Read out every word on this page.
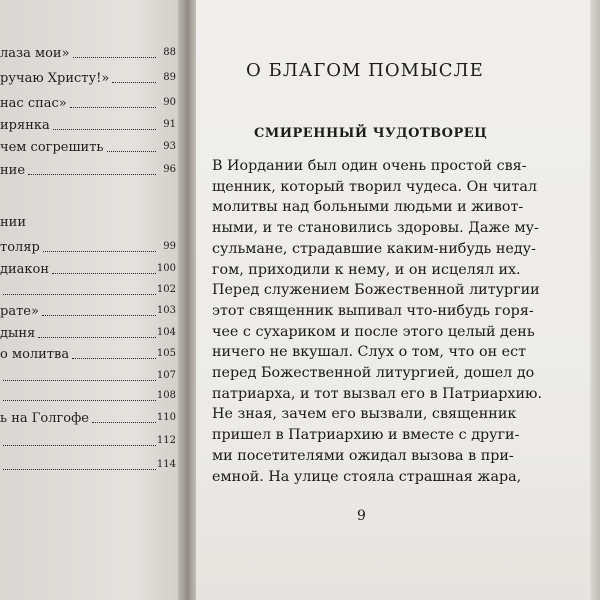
лаза мои»	88
ручаю Христу!»	89
нас спас»	90
ирянка	91
чем согрешить	93
ние	96
нии
толяр	99
диакон	100
102
рате»	103
дыня	104
о молитва	105
107
108
ь на Голгофе	110
112
114
О БЛАГОМ ПОМЫСЛЕ
СМИРЕННЫЙ ЧУДОТВОРЕЦ
В Иордании был один очень простой свя-
щенник, который творил чудеса. Он читал
молитвы над больными людьми и живот-
ными, и те становились здоровы. Даже му-
сульмане, страдавшие каким-нибудь неду-
гом, приходили к нему, и он исцелял их.
Перед служением Божественной литургии
этот священник выпивал что-нибудь горя-
чее с сухариком и после этого целый день
ничего не вкушал. Слух о том, что он ест
перед Божественной литургией, дошел до
патриарха, и тот вызвал его в Патриархию.
Не зная, зачем его вызвали, священник
пришел в Патриархию и вместе с други-
ми посетителями ожидал вызова в при-
емной. На улице стояла страшная жара,
9
